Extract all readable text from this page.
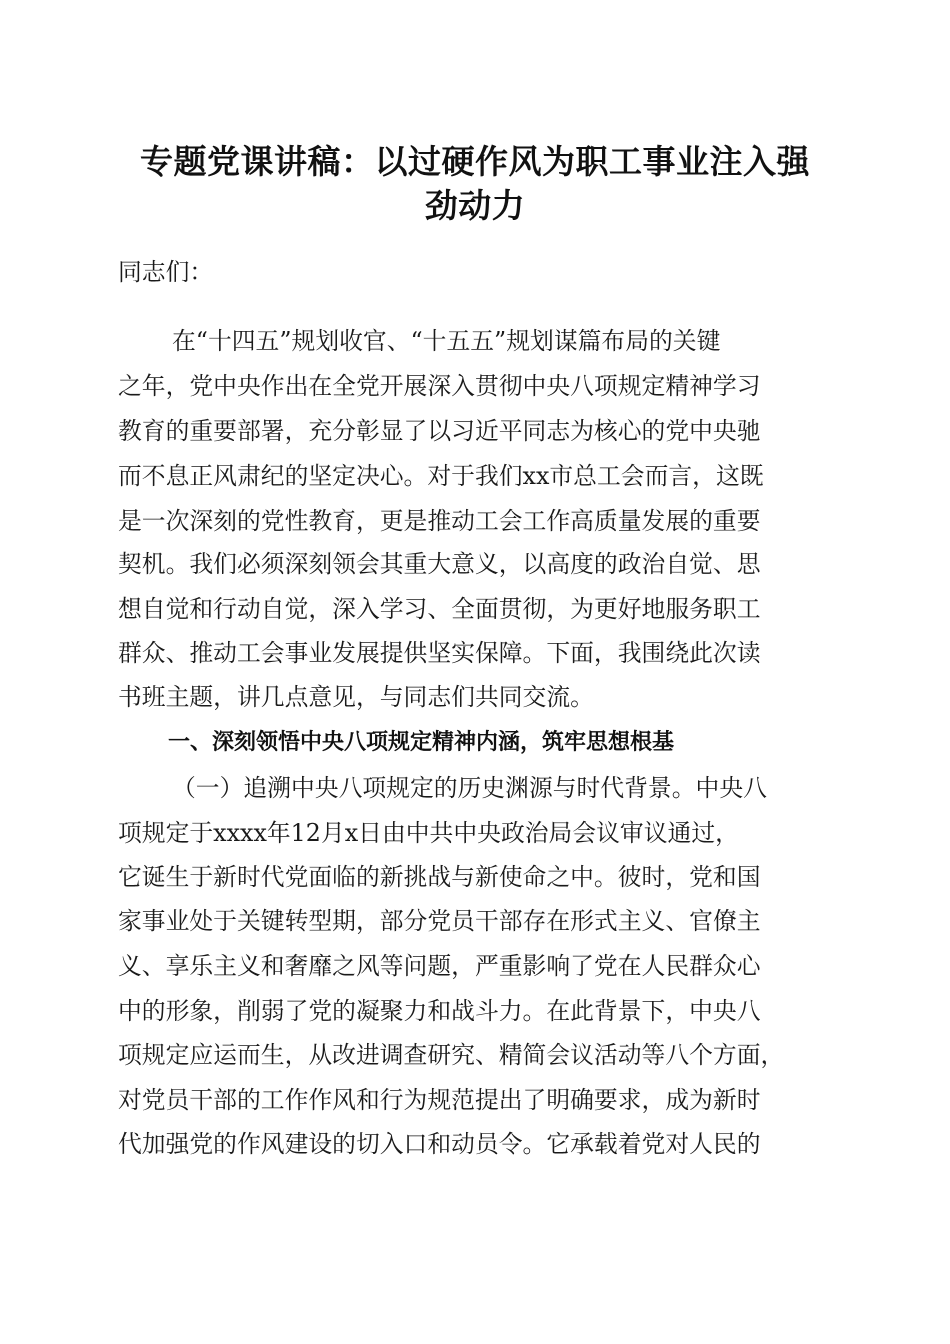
专题党课讲稿：以过硬作风为职工事业注入强
劲动力
同志们：
在“十四五”规划收官、“十五五”规划谋篇布局的关键
之年，党中央作出在全党开展深入贯彻中央八项规定精神学习
教育的重要部署，充分彰显了以习近平同志为核心的党中央驰
而不息正风肃纪的坚定决心。对于我们xx市总工会而言，这既
是一次深刻的党性教育，更是推动工会工作高质量发展的重要
契机。我们必须深刻领会其重大意义，以高度的政治自觉、思
想自觉和行动自觉，深入学习、全面贯彻，为更好地服务职工
群众、推动工会事业发展提供坚实保障。下面，我围绕此次读
书班主题，讲几点意见，与同志们共同交流。
一、深刻领悟中央八项规定精神内涵，筑牢思想根基
（一）追溯中央八项规定的历史渊源与时代背景。中央八
项规定于xxxx年12月x日由中共中央政治局会议审议通过，
它诞生于新时代党面临的新挑战与新使命之中。彼时，党和国
家事业处于关键转型期，部分党员干部存在形式主义、官僚主
义、享乐主义和奢靡之风等问题，严重影响了党在人民群众心
中的形象，削弱了党的凝聚力和战斗力。在此背景下，中央八
项规定应运而生，从改进调查研究、精简会议活动等八个方面，
对党员干部的工作作风和行为规范提出了明确要求，成为新时
代加强党的作风建设的切入口和动员令。它承载着党对人民的
